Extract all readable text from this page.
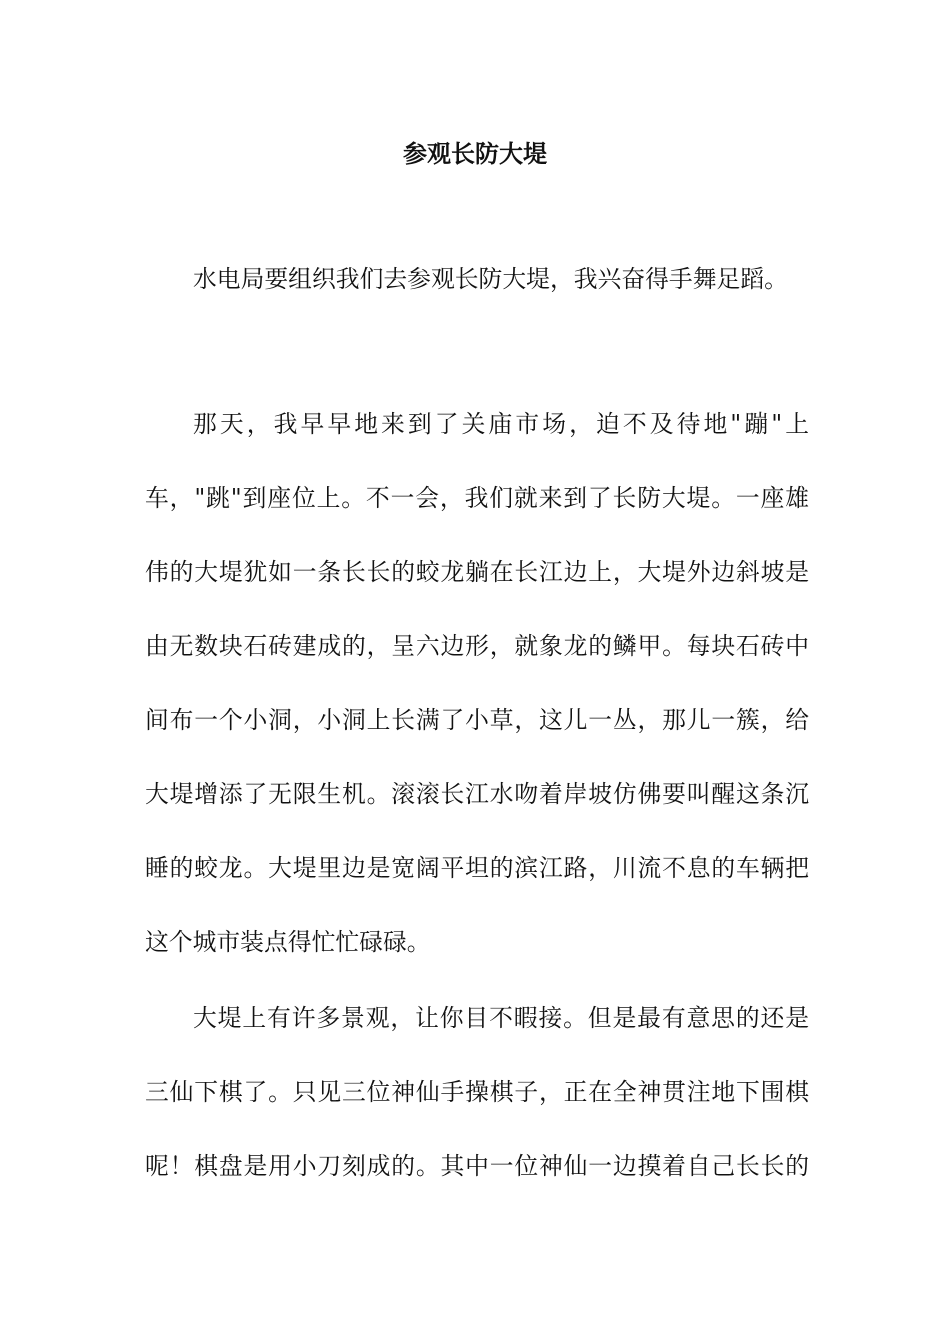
参观长防大堤
水电局要组织我们去参观长防大堤，我兴奋得手舞足蹈。
那天，我早早地来到了关庙市场，迫不及待地"蹦"上
车，"跳"到座位上。不一会，我们就来到了长防大堤。一座雄
伟的大堤犹如一条长长的蛟龙躺在长江边上，大堤外边斜坡是
由无数块石砖建成的，呈六边形，就象龙的鳞甲。每块石砖中
间布一个小洞，小洞上长满了小草，这儿一丛，那儿一簇，给
大堤增添了无限生机。滚滚长江水吻着岸坡仿佛要叫醒这条沉
睡的蛟龙。大堤里边是宽阔平坦的滨江路，川流不息的车辆把
这个城市装点得忙忙碌碌。
大堤上有许多景观，让你目不暇接。但是最有意思的还是
三仙下棋了。只见三位神仙手操棋子，正在全神贯注地下围棋
呢！棋盘是用小刀刻成的。其中一位神仙一边摸着自己长长的
